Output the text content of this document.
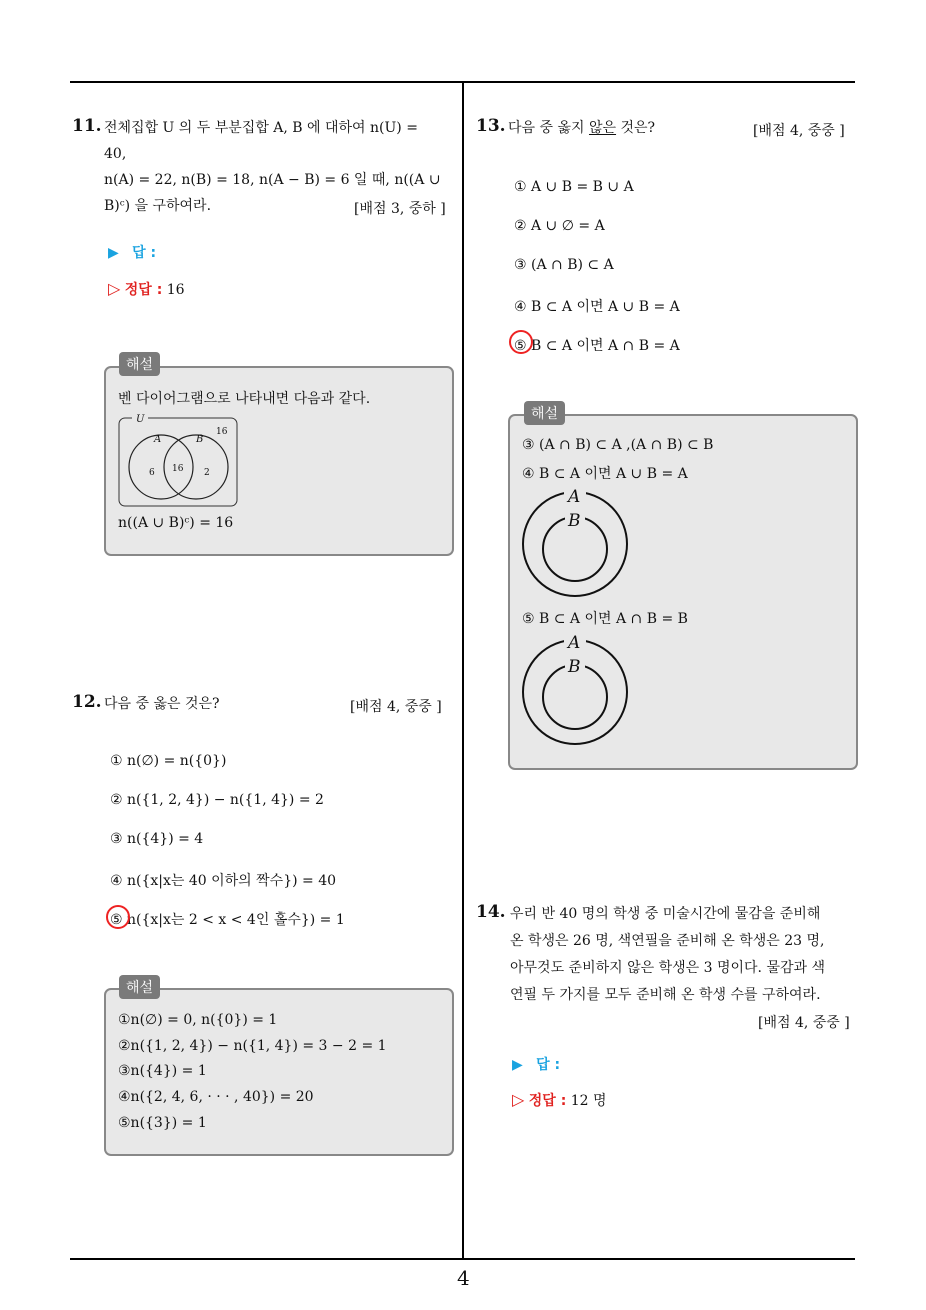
4
11. 전체집합 U 의 두 부분집합 A, B 에 대하여 n(U) =
40,
n(A) = 22, n(B) = 18, n(A − B) = 6 일 때, n((A ∪
B)ᶜ) 을 구하여라.	[배점 3, 중하 ]
▶ 답 :
▷ 정답 : 16
해설
벤 다이어그램으로 나타내면 다음과 같다.
U
A	B
16
6 16 2
n((A ∪ B)ᶜ) = 16
12. 다음 중 옳은 것은?	[배점 4, 중중 ]
① n(∅) = n({0})
② n({1, 2, 4}) − n({1, 4}) = 2
③ n({4}) = 4
④ n({x|x는 40 이하의 짝수}) = 40
⑤ n({x|x는 2 < x < 4인 홀수}) = 1
해설
①n(∅) = 0, n({0}) = 1
②n({1, 2, 4}) − n({1, 4}) = 3 − 2 = 1
③n({4}) = 1
④n({2, 4, 6, · · · , 40}) = 20
⑤n({3}) = 1
13. 다음 중 옳지 않은 것은?	[배점 4, 중중 ]
① A ∪ B = B ∪ A
② A ∪ ∅ = A
③ (A ∩ B) ⊂ A
④ B ⊂ A 이면 A ∪ B = A
⑤ B ⊂ A 이면 A ∩ B = A
해설
③ (A ∩ B) ⊂ A ,(A ∩ B) ⊂ B
④ B ⊂ A 이면 A ∪ B = A
A
B
⑤ B ⊂ A 이면 A ∩ B = B
A
B
14. 우리 반 40 명의 학생 중 미술시간에 물감을 준비해
온 학생은 26 명, 색연필을 준비해 온 학생은 23 명,
아무것도 준비하지 않은 학생은 3 명이다. 물감과 색
연필 두 가지를 모두 준비해 온 학생 수를 구하여라.
[배점 4, 중중 ]
▶ 답 :
▷ 정답 : 12 명
